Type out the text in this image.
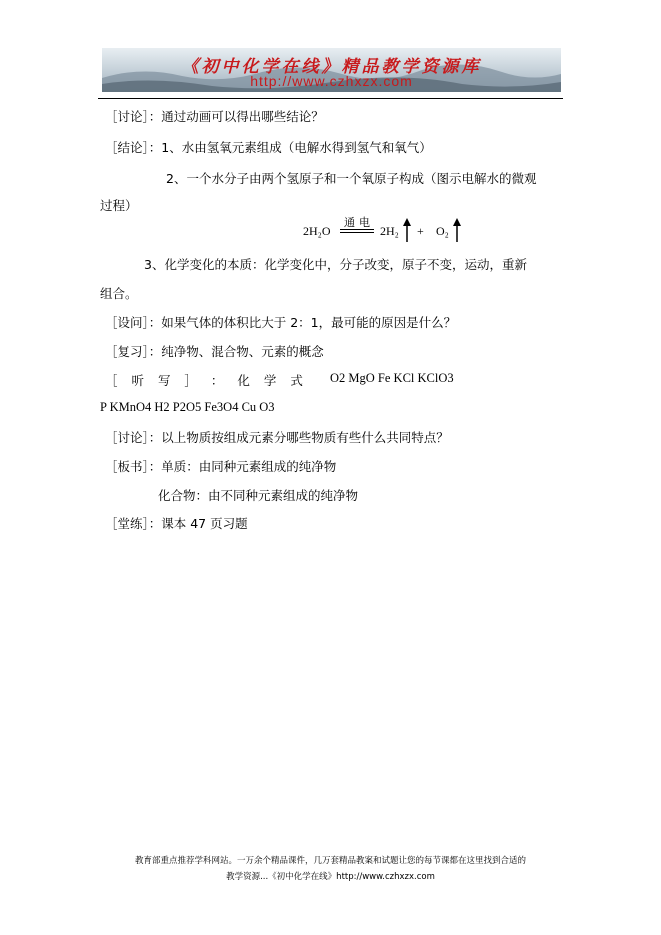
《初中化学在线》精品教学资源库
http://www.czhxzx.com
［讨论］：通过动画可以得出哪些结论？
［结论］：1、水由氢氧元素组成（电解水得到氢气和氧气）
2、一个水分子由两个氢原子和一个氧原子构成（图示电解水的微观
过程）
2H₂O
通电
2H₂ + O₂
3、化学变化的本质：化学变化中，分子改变，原子不变，运动，重新
组合。
［设问］：如果气体的体积比大于 2：1，最可能的原因是什么？
［复习］：纯净物、混合物、元素的概念
［ 听 写 ］ ： 化 学 式 O2 MgO Fe KCl KClO3
P KMnO4 H2 P2O5 Fe3O4 Cu O3
［讨论］：以上物质按组成元素分哪些物质有些什么共同特点？
［板书］：单质：由同种元素组成的纯净物
化合物：由不同种元素组成的纯净物
［堂练］：课本 47 页习题
教育部重点推荐学科网站。一万余个精品课件，几万套精品教案和试题让您的每节课都在这里找到合适的
教学资源...《初中化学在线》http://www.czhxzx.com
